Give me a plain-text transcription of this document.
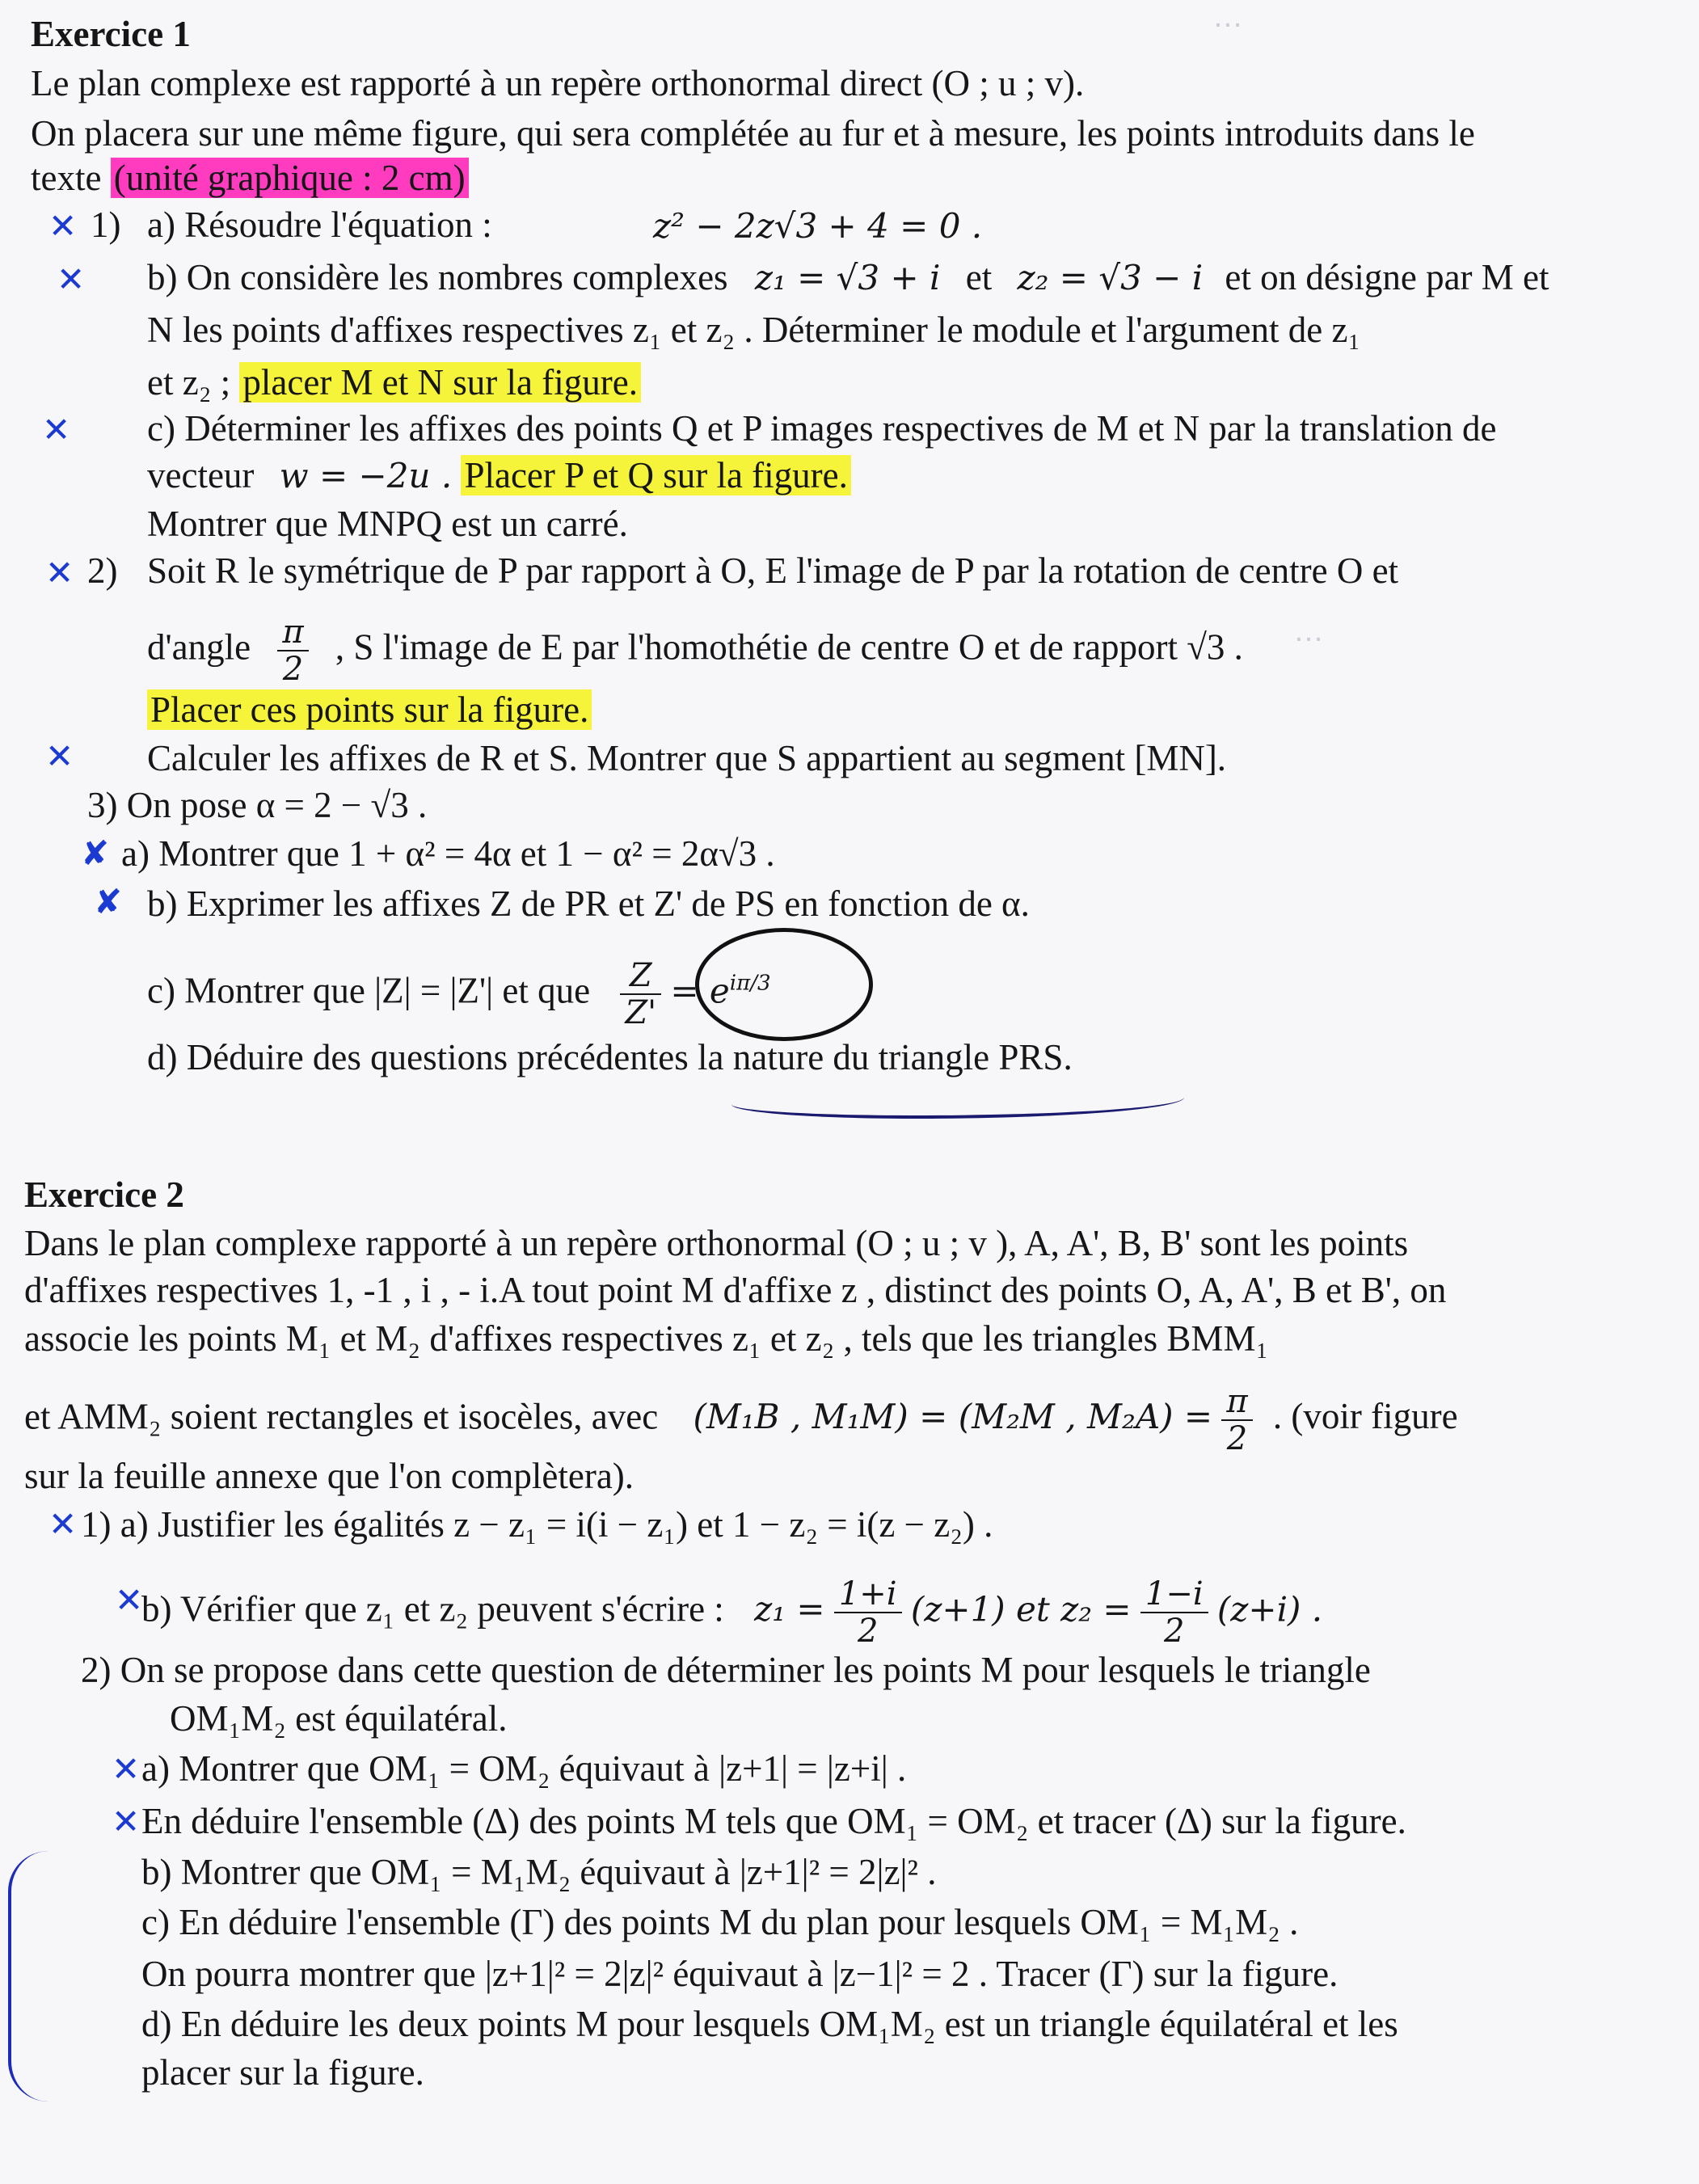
…
…
Exercice 1
Le plan complexe est rapporté à un repère orthonormal direct (O ; u ; v).
On placera sur une même figure, qui sera complétée au fur et à mesure, les points introduits dans le
texte (unité graphique : 2 cm)
✕ 1) a) Résoudre l'équation :	z² − 2z√3 + 4 = 0 .
✕ b) On considère les nombres complexes z₁ = √3 + i et z₂ = √3 − i et on désigne par M et
N les points d'affixes respectives z₁ et z₂ . Déterminer le module et l'argument de z₁
et z₂ ; placer M et N sur la figure.
✕ c) Déterminer les affixes des points Q et P images respectives de M et N par la translation de
vecteur w = −2u . Placer P et Q sur la figure.
Montrer que MNPQ est un carré.
✕ 2) Soit R le symétrique de P par rapport à O, E l'image de P par la rotation de centre O et
d'angle $\frac{\pi}{2}$ , S l'image de E par l'homothétie de centre O et de rapport √3 .
Placer ces points sur la figure.
✕ Calculer les affixes de R et S. Montrer que S appartient au segment [MN].
3) On pose α = 2 − √3 .
✘ a) Montrer que 1 + α² = 4α et 1 − α² = 2α√3 .
✘ b) Exprimer les affixes Z de PR et Z' de PS en fonction de α.
c) Montrer que |Z| = |Z'| et que $\frac{Z}{Z'} = e^{i\pi/3}$
d) Déduire des questions précédentes la nature du triangle PRS.
Exercice 2
Dans le plan complexe rapporté à un repère orthonormal (O ; u ; v ), A, A', B, B' sont les points
d'affixes respectives 1, -1 , i , - i.A tout point M d'affixe z , distinct des points O, A, A', B et B', on
associe les points M₁ et M₂ d'affixes respectives z₁ et z₂ , tels que les triangles BMM₁
et AMM₂ soient rectangles et isocèles, avec (M₁B , M₁M) = (M₂M , $M_2A) = \frac{\pi}{2}$ . (voir figure
sur la feuille annexe que l'on complètera).
✕ 1) a) Justifier les égalités z − z₁ = i(i − z₁) et 1 − z₂ = i(z − z₂) .
✕
b) Vérifier que z₁ et z₂ peuvent s'écrire : $z_1 = \frac{1+i}{2} (z+1)$ et $z_2 = \frac{1-i}{2} (z+i)$ .
2) On se propose dans cette question de déterminer les points M pour lesquels le triangle
OM₁M₂ est équilatéral.
✕ a) Montrer que OM₁ = OM₂ équivaut à |z+1| = |z+i| .
✕ En déduire l'ensemble (Δ) des points M tels que OM₁ = OM₂ et tracer (Δ) sur la figure.
b) Montrer que OM₁ = M₁M₂ équivaut à |z+1|² = 2|z|² .
c) En déduire l'ensemble (Γ) des points M du plan pour lesquels OM₁ = M₁M₂ .
On pourra montrer que |z+1|² = 2|z|² équivaut à |z−1|² = 2 . Tracer (Γ) sur la figure.
d) En déduire les deux points M pour lesquels OM₁M₂ est un triangle équilatéral et les
placer sur la figure.
